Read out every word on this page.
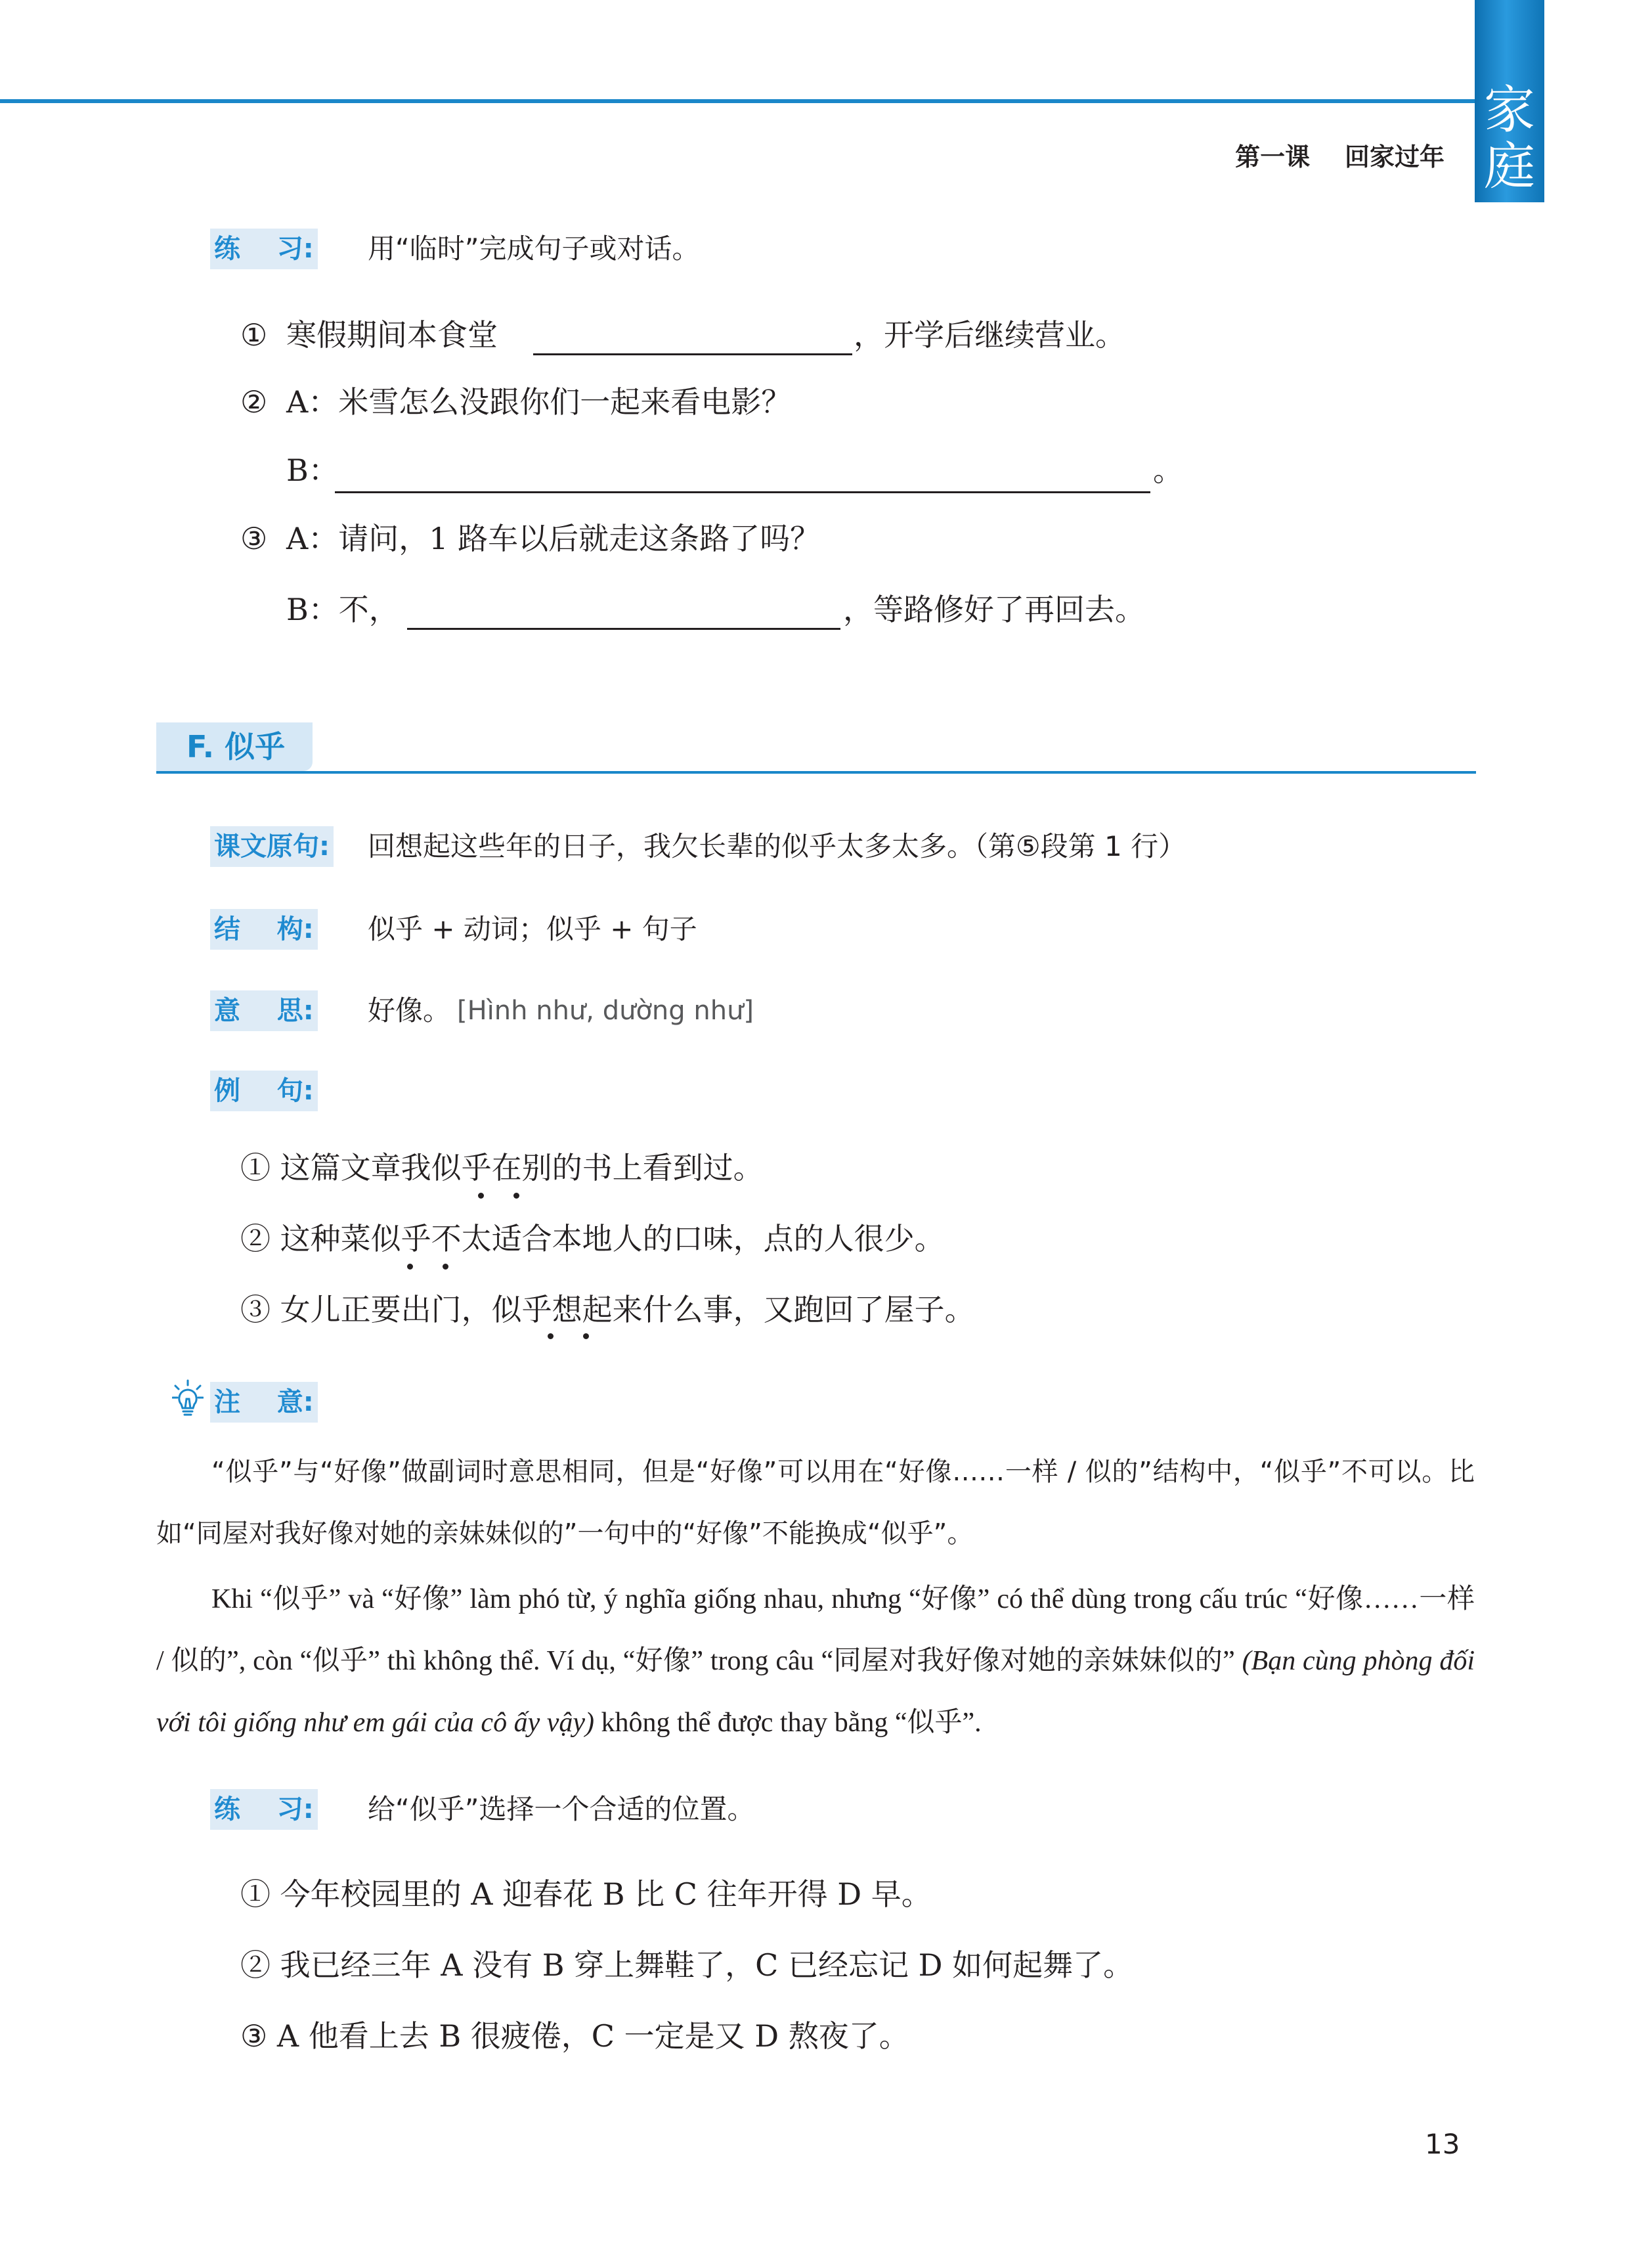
家
庭
第一课    回家过年
练    习: 用“临时”完成句子或对话。
① 寒假期间本食堂	，开学后继续营业。
② A：米雪怎么没跟你们一起来看电影？
B：	。
③ A：请问，1 路车以后就走这条路了吗？
B：不，	，等路修好了再回去。
F. 似乎
课文原句: 回想起这些年的日子，我欠长辈的似乎太多太多。（第⑤段第 1 行）
结    构: 似乎 + 动词；似乎 + 句子
意    思: 好像。 [Hình như, dường như]
例    句:
① 这篇文章我似乎在别的书上看到过。
② 这种菜似乎不太适合本地人的口味，点的人很少。
③ 女儿正要出门，似乎想起来什么事，又跑回了屋子。
注    意:
“似乎”与“好像”做副词时意思相同，但是“好像”可以用在“好像……一样 / 似的”结构中，“似乎”不可以。比如“同屋对我好像对她的亲妹妹似的”一句中的“好像”不能换成“似乎”。
Khi “似乎” và “好像” làm phó từ, ý nghĩa giống nhau, nhưng “好像” có thể dùng trong cấu trúc “好像……一样 / 似的”, còn “似乎” thì không thể. Ví dụ, “好像” trong câu “同屋对我好像对她的亲妹妹似的” (Bạn cùng phòng đối với tôi giống như em gái của cô ấy vậy) không thể được thay bằng “似乎”.
练    习: 给“似乎”选择一个合适的位置。
① 今年校园里的 A 迎春花 B 比 C 往年开得 D 早。
② 我已经三年 A 没有 B 穿上舞鞋了，C 已经忘记 D 如何起舞了。
③ A 他看上去 B 很疲倦，C 一定是又 D 熬夜了。
13
